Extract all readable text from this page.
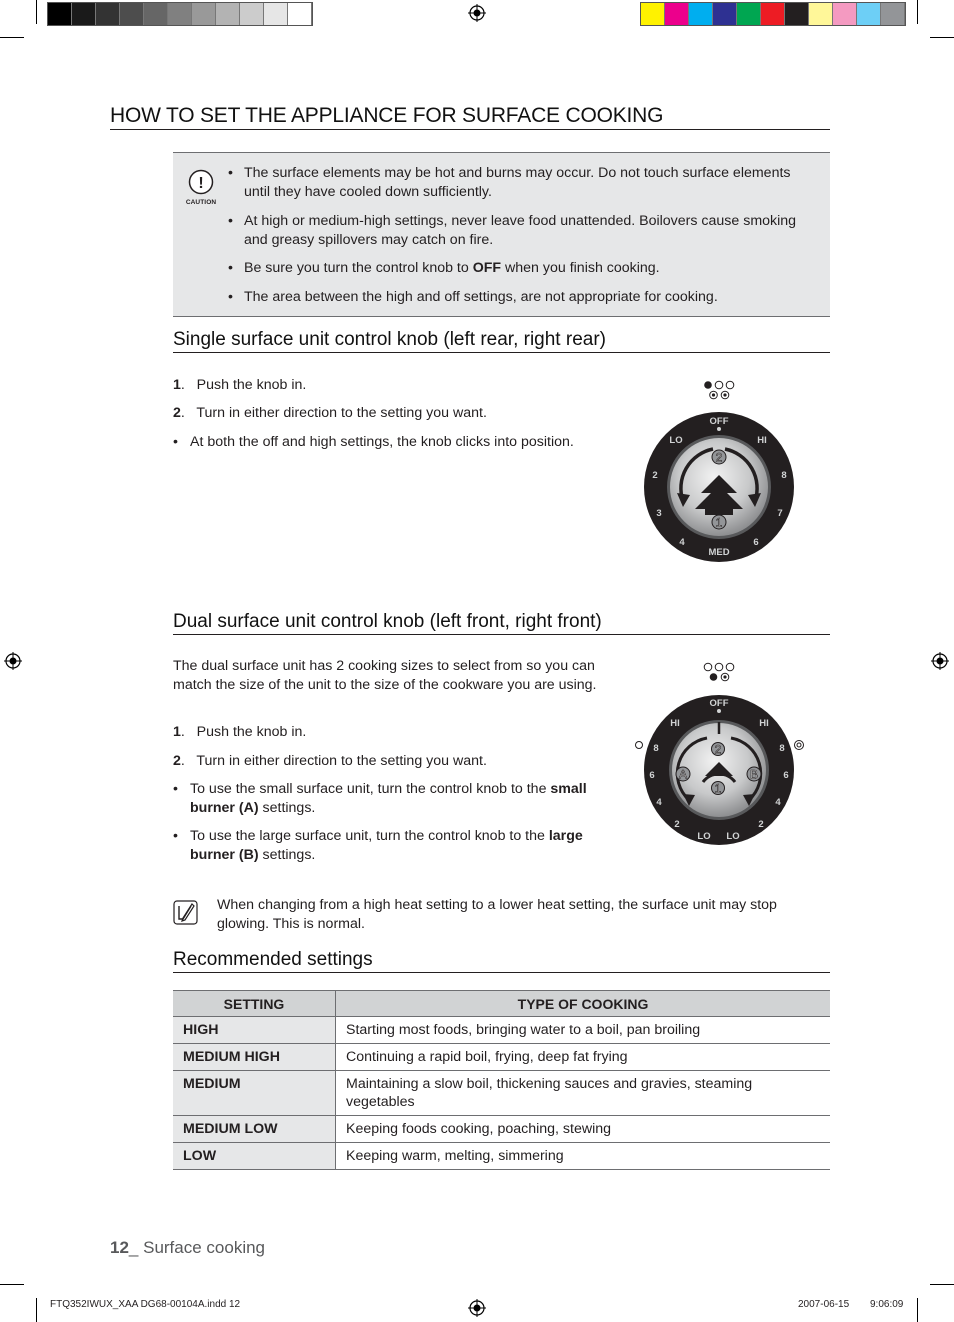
HOW TO SET THE APPLIANCE FOR SURFACE COOKING
!
CAUTION
• The surface elements may be hot and burns may occur. Do not touch surface elements until they have cooled down sufficiently.
• At high or medium-high settings, never leave food unattended. Boilovers cause smoking and greasy spillovers may catch on fire.
• Be sure you turn the control knob to OFF when you finish cooking.
• The area between the high and off settings, are not appropriate for cooking.
Single surface unit control knob (left rear, right rear)
1.   Push the knob in.
2.   Turn in either direction to the setting you want.
• At both the off and high settings, the knob clicks into position.
OFF
LO	HI
2
3
4
MED
6
7
8
2
1
Dual surface unit control knob (left front, right front)

The dual surface unit has 2 cooking sizes to select from so you can match the size of the unit to the size of the cookware you are using.

1.   Push the knob in.
2.   Turn in either direction to the setting you want.
• To use the small surface unit, turn the control knob to the small burner (A) settings.
• To use the large surface unit, turn the control knob to the large burner (B) settings.
OFF
HI	HI
8
6
4
2
LO LO
2
4
6
8
2
1
A	B

When changing from a high heat setting to a lower heat setting, the surface unit may stop glowing. This is normal.

Recommended settings
SETTING	TYPE OF COOKING
HIGH	Starting most foods, bringing water to a boil, pan broiling
MEDIUM HIGH	Continuing a rapid boil, frying, deep fat frying
MEDIUM	Maintaining a slow boil, thickening sauces and gravies, steaming vegetables
MEDIUM LOW	Keeping foods cooking, poaching, stewing
LOW	Keeping warm, melting, simmering
12_ Surface cooking
FTQ352IWUX_XAA DG68-00104A.indd 12	2007-06-15 9:06:09
